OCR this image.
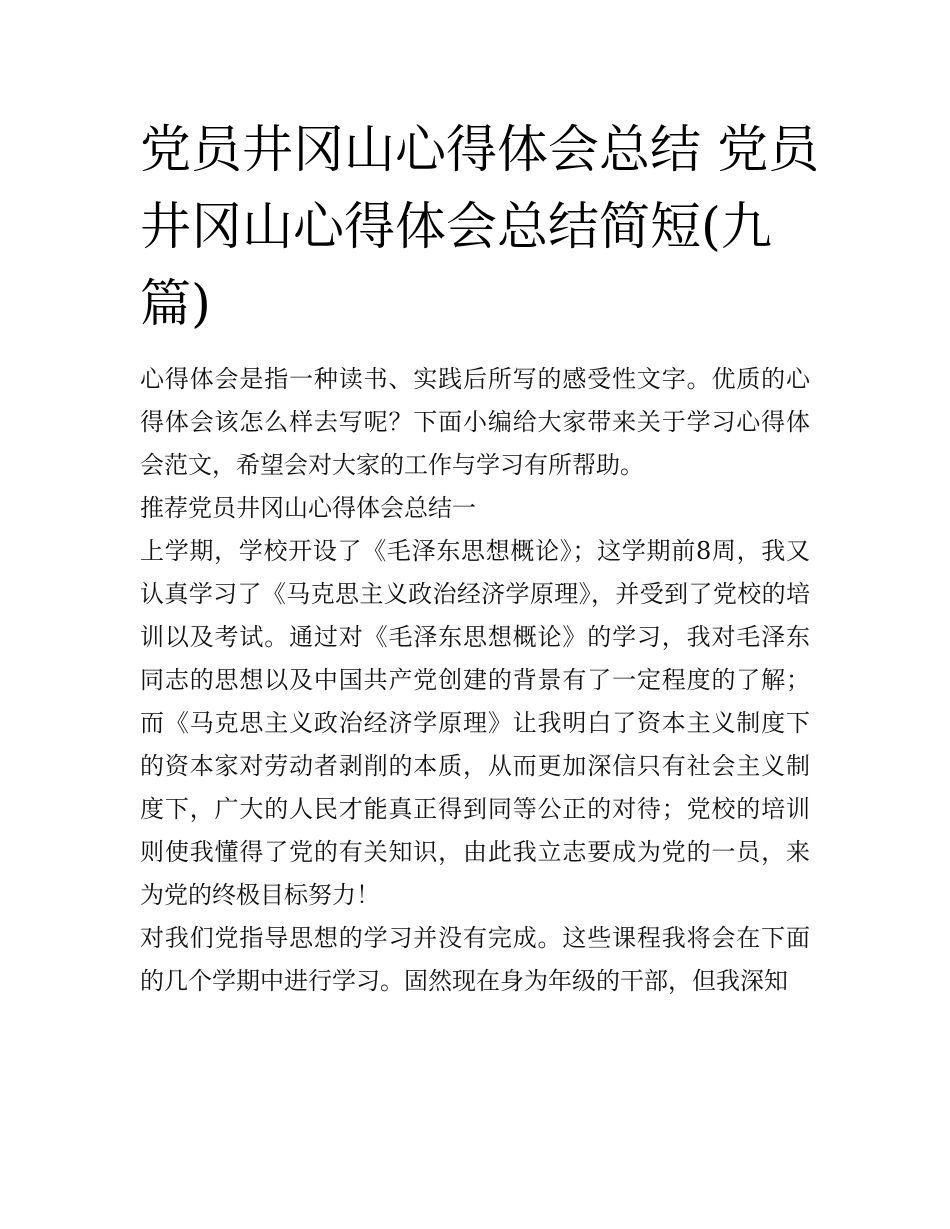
党员井冈山心得体会总结 党员井冈山心得体会总结简短(九篇)

心得体会是指一种读书、实践后所写的感受性文字。优质的心得体会该怎么样去写呢？下面小编给大家带来关于学习心得体会范文，希望会对大家的工作与学习有所帮助。

推荐党员井冈山心得体会总结一

上学期，学校开设了《毛泽东思想概论》；这学期前8周，我又认真学习了《马克思主义政治经济学原理》，并受到了党校的培训以及考试。通过对《毛泽东思想概论》的学习，我对毛泽东同志的思想以及中国共产党创建的背景有了一定程度的了解；而《马克思主义政治经济学原理》让我明白了资本主义制度下的资本家对劳动者剥削的本质，从而更加深信只有社会主义制度下，广大的人民才能真正得到同等公正的对待；党校的培训则使我懂得了党的有关知识，由此我立志要成为党的一员，来为党的终极目标努力！

对我们党指导思想的学习并没有完成。这些课程我将会在下面的几个学期中进行学习。固然现在身为年级的干部，但我深知
